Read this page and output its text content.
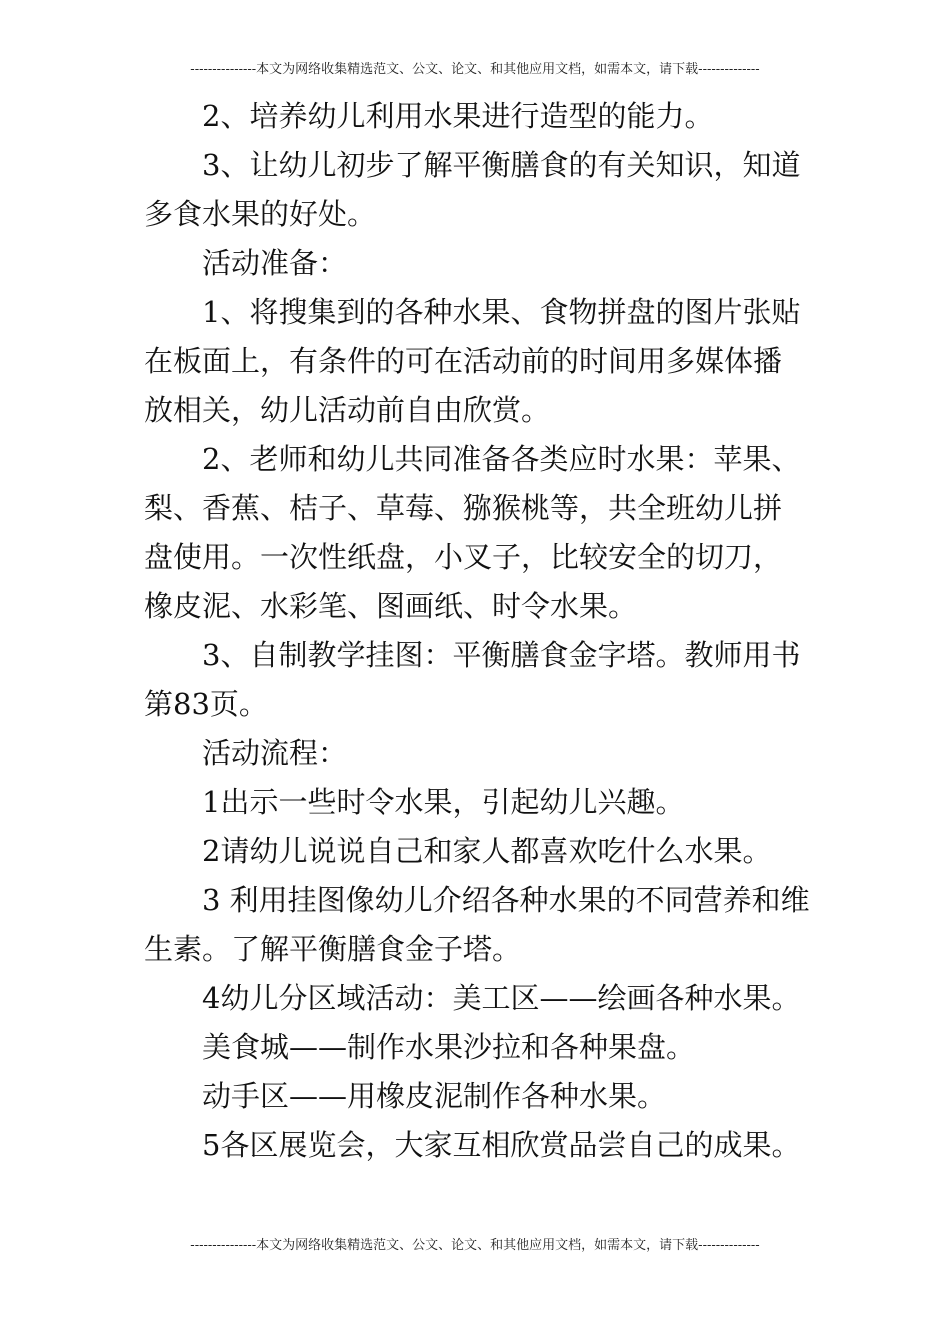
---------------本文为网络收集精选范文、公文、论文、和其他应用文档，如需本文，请下载--------------

2、培养幼儿利用水果进行造型的能力。

3、让幼儿初步了解平衡膳食的有关知识，知道多食水果的好处。

活动准备：

1、将搜集到的各种水果、食物拼盘的图片张贴在板面上，有条件的可在活动前的时间用多媒体播放相关，幼儿活动前自由欣赏。

2、老师和幼儿共同准备各类应时水果：苹果、梨、香蕉、桔子、草莓、猕猴桃等，共全班幼儿拼盘使用。一次性纸盘，小叉子，比较安全的切刀，橡皮泥、水彩笔、图画纸、时令水果。

3、自制教学挂图：平衡膳食金字塔。教师用书第83页。

活动流程：

1出示一些时令水果，引起幼儿兴趣。

2请幼儿说说自己和家人都喜欢吃什么水果。

3 利用挂图像幼儿介绍各种水果的不同营养和维生素。了解平衡膳食金子塔。

4幼儿分区域活动：美工区——绘画各种水果。

美食城——制作水果沙拉和各种果盘。

动手区——用橡皮泥制作各种水果。

5各区展览会，大家互相欣赏品尝自己的成果。

---------------本文为网络收集精选范文、公文、论文、和其他应用文档，如需本文，请下载--------------
